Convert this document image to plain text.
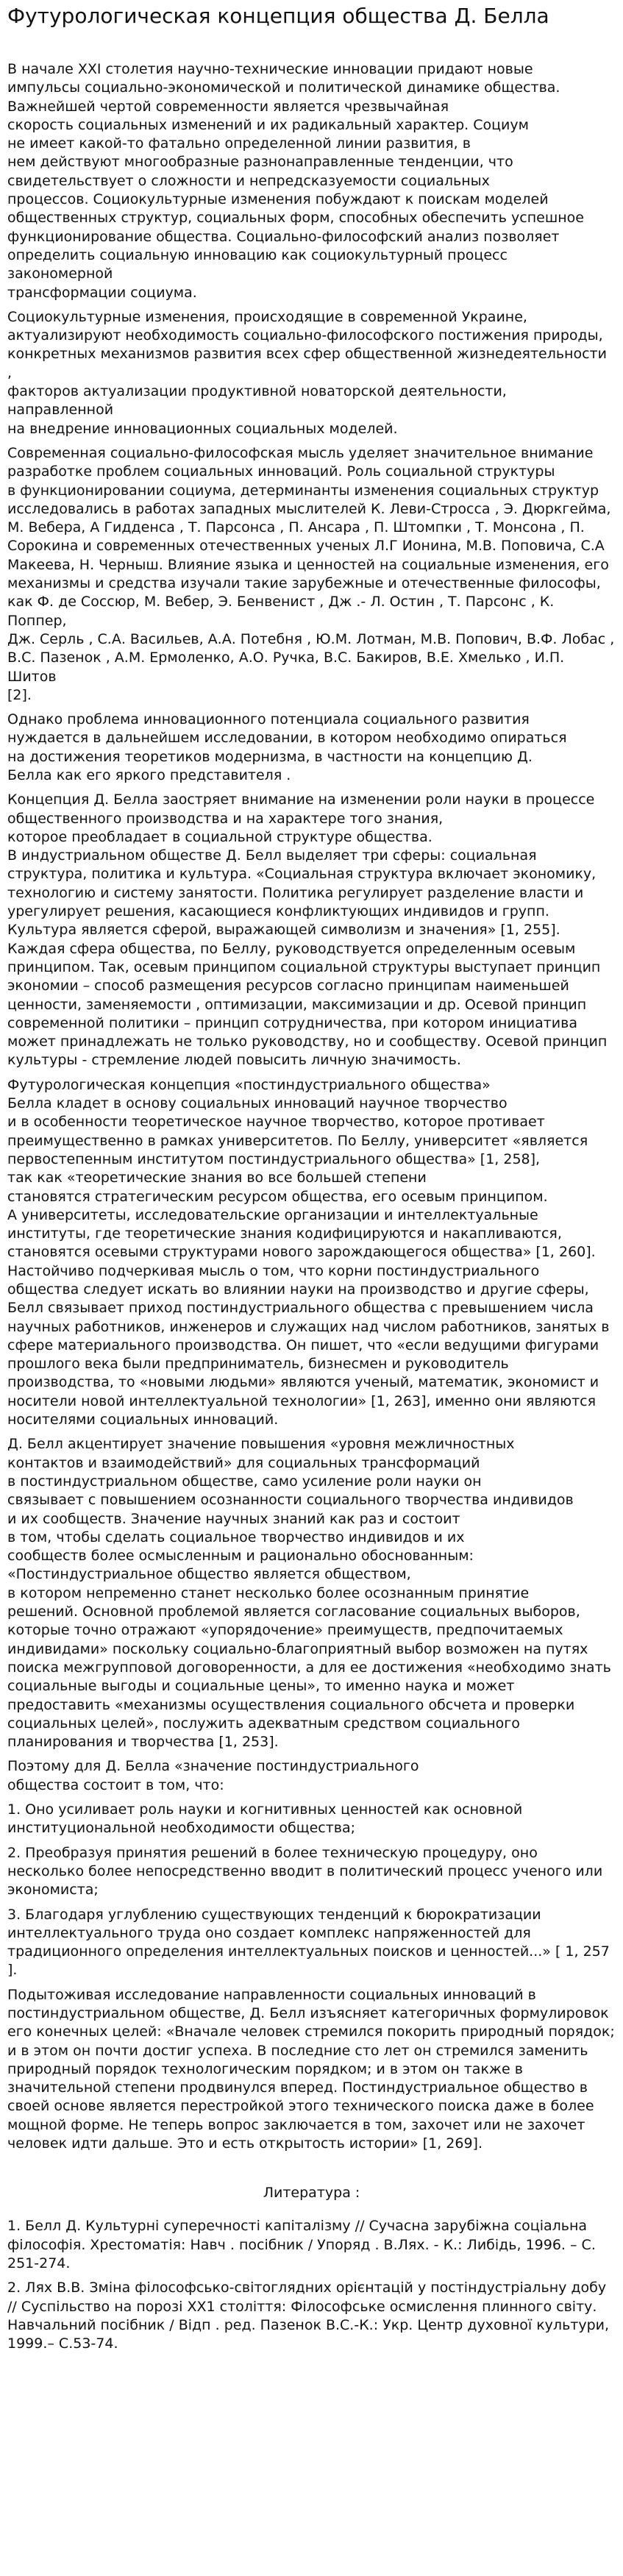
Футурологическая концепция общества Д. Белла

В начале XXI столетия научно-технические инновации придают новые
импульсы социально-экономической и политической динамике общества.
Важнейшей чертой современности является чрезвычайная
скорость социальных изменений и их радикальный характер. Социум
не имеет какой-то фатально определенной линии развития, в
нем действуют многообразные разнонаправленные тенденции, что
свидетельствует о сложности и непредсказуемости социальных
процессов. Социокультурные изменения побуждают к поискам моделей
общественных структур, социальных форм, способных обеспечить успешное
функционирование общества. Социально-философский анализ позволяет
определить социальную инновацию как социокультурный процесс закономерной
трансформации социума.

Социокультурные изменения, происходящие в современной Украине,
актуализируют необходимость социально-философского постижения природы,
конкретных механизмов развития всех сфер общественной жизнедеятельности ,
факторов актуализации продуктивной новаторской деятельности, направленной
на внедрение инновационных социальных моделей.

Современная социально-философская мысль уделяет значительное внимание
разработке проблем социальных инноваций. Роль социальной структуры
в функционировании социума, детерминанты изменения социальных структур
исследовались в работах западных мыслителей К. Леви-Стросса , Э. Дюркгейма,
М. Вебера, А Гидденса , Т. Парсонса , П. Ансара , П. Штомпки , Т. Монсона , П.
Сорокина и современных отечественных ученых Л.Г Ионина, М.В. Поповича, С.А
Макеева, Н. Черныш. Влияние языка и ценностей на социальные изменения, его
механизмы и средства изучали такие зарубежные и отечественные философы,
как Ф. де Соссюр, М. Вебер, Э. Бенвенист , Дж .- Л. Остин , Т. Парсонс , К. Поппер,
Дж. Серль , С.А. Васильев, А.А. Потебня , Ю.М. Лотман, М.В. Попович, В.Ф. Лобас ,
В.С. Пазенок , А.М. Ермоленко, А.О. Ручка, В.С. Бакиров, В.Е. Хмелько , И.П. Шитов
[2].

Однако проблема инновационного потенциала социального развития
нуждается в дальнейшем исследовании, в котором необходимо опираться
на достижения теоретиков модернизма, в частности на концепцию Д.
Белла как его яркого представителя .

Концепция Д. Белла заостряет внимание на изменении роли науки в процессе
общественного производства и на характере того знания,
которое преобладает в социальной структуре общества.
В индустриальном обществе Д. Белл выделяет три сферы: социальная
структура, политика и культура. «Социальная структура включает экономику,
технологию и систему занятости. Политика регулирует разделение власти и
урегулирует решения, касающиеся конфликтующих индивидов и групп.
Культура является сферой, выражающей символизм и значения» [1, 255].
Каждая сфера общества, по Беллу, руководствуется определенным осевым
принципом. Так, осевым принципом социальной структуры выступает принцип
экономии – способ размещения ресурсов согласно принципам наименьшей
ценности, заменяемости , оптимизации, максимизации и др. Осевой принцип
современной политики – принцип сотрудничества, при котором инициатива
может принадлежать не только руководству, но и сообществу. Осевой принцип
культуры - стремление людей повысить личную значимость.

Футурологическая концепция «постиндустриального общества»
Белла кладет в основу социальных инноваций научное творчество
и в особенности теоретическое научное творчество, которое противает
преимущественно в рамках университетов. По Беллу, университет «является
первостепенным институтом постиндустриального общества» [1, 258],
так как «теоретические знания во все большей степени
становятся стратегическим ресурсом общества, его осевым принципом.
А университеты, исследовательские организации и интеллектуальные
институты, где теоретические знания кодифицируются и накапливаются,
становятся осевыми структурами нового зарождающегося общества» [1, 260].
Настойчиво подчеркивая мысль о том, что корни постиндустриального
общества следует искать во влиянии науки на производство и другие сферы,
Белл связывает приход постиндустриального общества с превышением числа
научных работников, инженеров и служащих над числом работников, занятых в
сфере материального производства. Он пишет, что «если ведущими фигурами
прошлого века были предприниматель, бизнесмен и руководитель
производства, то «новыми людьми» являются ученый, математик, экономист и
носители новой интеллектуальной технологии» [1, 263], именно они являются
носителями социальных инноваций.

Д. Белл акцентирует значение повышения «уровня межличностных
контактов и взаимодействий» для социальных трансформаций
в постиндустриальном обществе, само усиление роли науки он
связывает с повышением осознанности социального творчества индивидов
и их сообществ. Значение научных знаний как раз и состоит
в том, чтобы сделать социальное творчество индивидов и их
сообществ более осмысленным и рационально обоснованным:
«Постиндустриальное общество является обществом,
в котором непременно станет несколько более осознанным принятие
решений. Основной проблемой является согласование социальных выборов,
которые точно отражают «упорядочение» преимуществ, предпочитаемых
индивидами» поскольку социально-благоприятный выбор возможен на путях
поиска межгрупповой договоренности, а для ее достижения «необходимо знать
социальные выгоды и социальные цены», то именно наука и может
предоставить «механизмы осуществления социального обсчета и проверки
социальных целей», послужить адекватным средством социального
планирования и творчества [1, 253].

Поэтому для Д. Белла «значение постиндустриального
общества состоит в том, что:

1. Оно усиливает роль науки и когнитивных ценностей как основной
институциональной необходимости общества;

2. Преобразуя принятия решений в более техническую процедуру, оно
несколько более непосредственно вводит в политический процесс ученого или
экономиста;

3. Благодаря углублению существующих тенденций к бюрократизации
интеллектуального труда оно создает комплекс напряженностей для
традиционного определения интеллектуальных поисков и ценностей...» [ 1, 257
].

Подытоживая исследование направленности социальных инноваций в
постиндустриальном обществе, Д. Белл изъясняет категоричных формулировок
его конечных целей: «Вначале человек стремился покорить природный порядок;
и в этом он почти достиг успеха. В последние сто лет он стремился заменить
природный порядок технологическим порядком; и в этом он также в
значительной степени продвинулся вперед. Постиндустриальное общество в
своей основе является перестройкой этого технического поиска даже в более
мощной форме. Не теперь вопрос заключается в том, захочет или не захочет
человек идти дальше. Это и есть открытость истории» [1, 269].

Литература :

1. Белл Д. Культурні суперечності капіталізму // Сучасна зарубіжна соціальна
філософія. Хрестоматія: Навч . посібник / Упоряд . В.Лях. - К.: Либідь, 1996. – С.
251-274.

2. Лях В.В. Зміна філософсько-світоглядних орієнтацій у постіндустріальну добу
// Суспільство на порозі ХХ1 століття: Філософське осмислення плинного світу.
Навчальний посібник / Відп . ред. Пазенок В.С.-К.: Укр. Центр духовної культури,
1999.– С.53-74.
